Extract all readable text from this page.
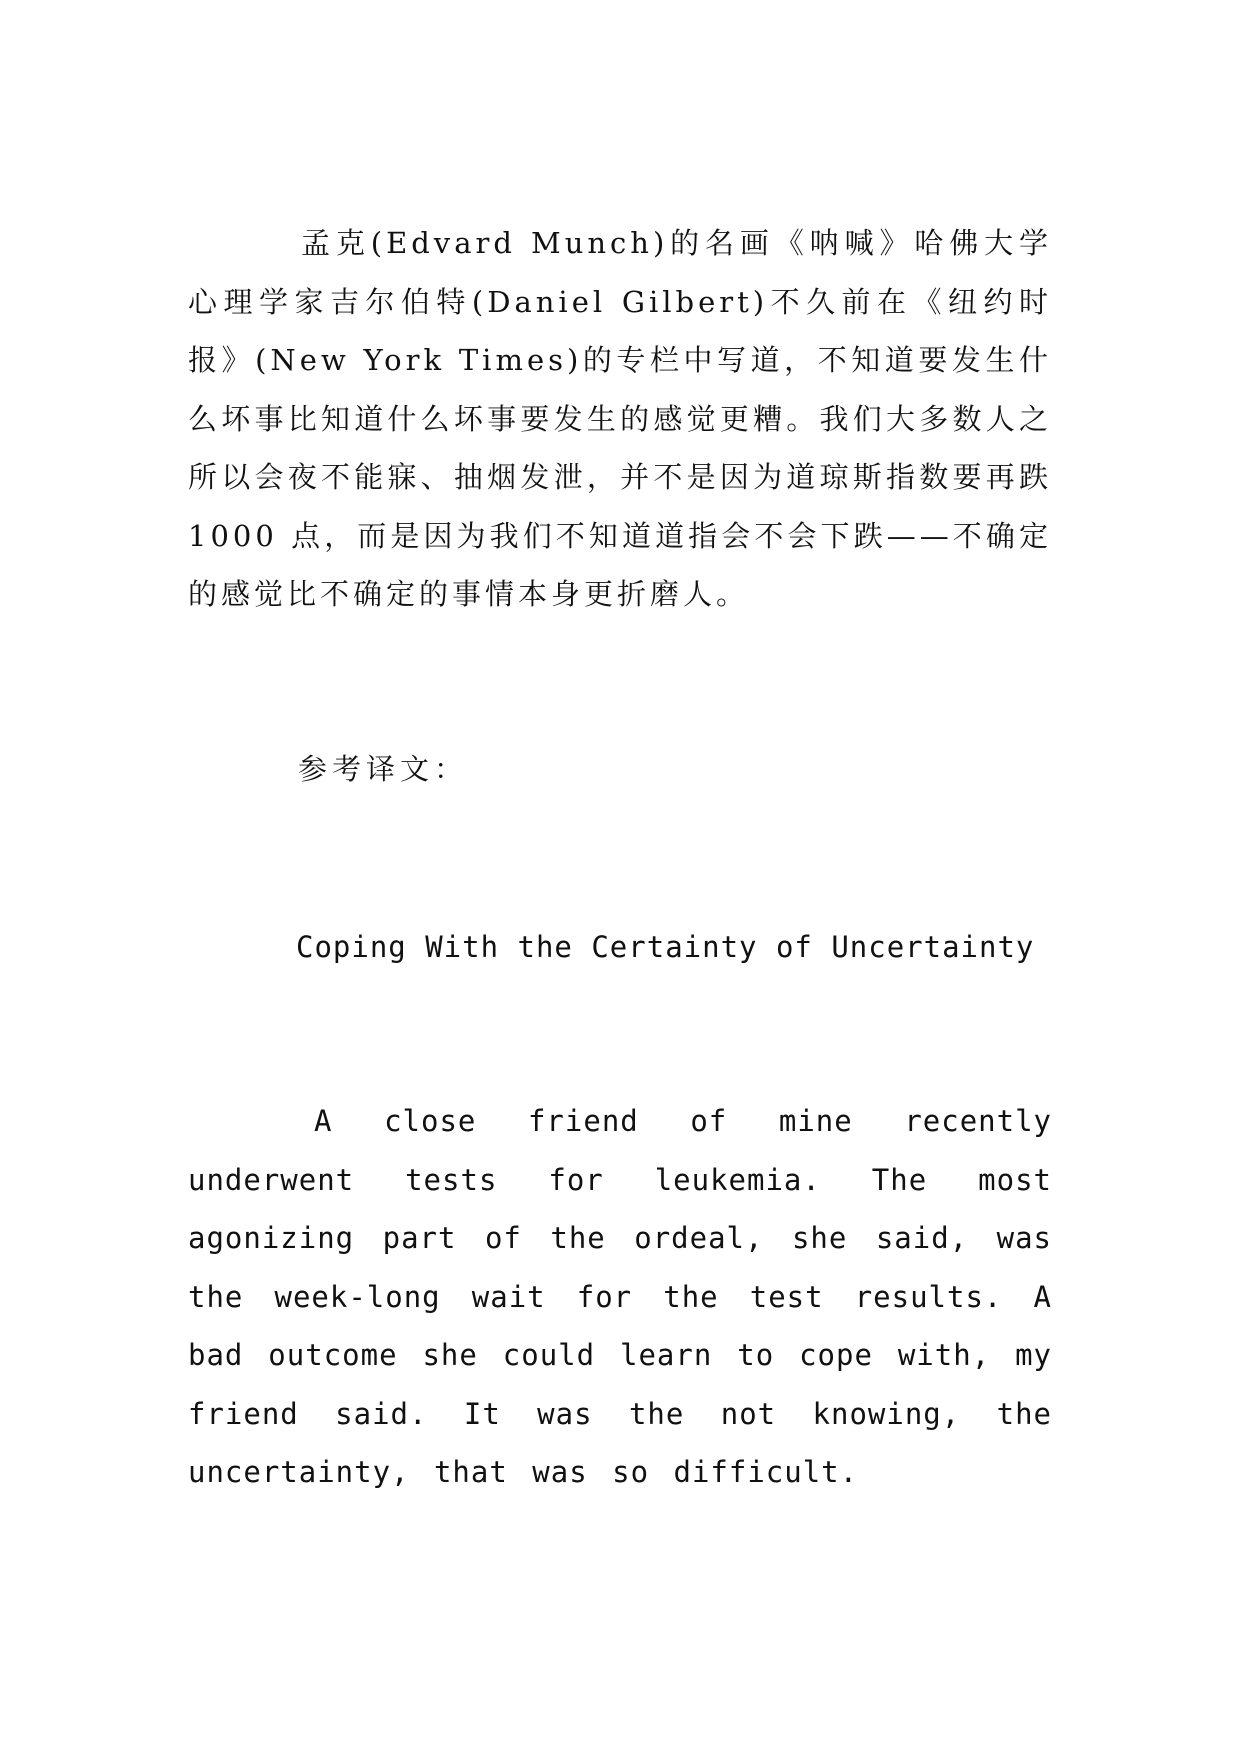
孟克(Edvard Munch)的名画《呐喊》哈佛大学心理学家吉尔伯特(Daniel Gilbert)不久前在《纽约时报》(New York Times)的专栏中写道，不知道要发生什么坏事比知道什么坏事要发生的感觉更糟。我们大多数人之所以会夜不能寐、抽烟发泄，并不是因为道琼斯指数要再跌1000 点，而是因为我们不知道道指会不会下跌——不确定的感觉比不确定的事情本身更折磨人。
参考译文：
Coping With the Certainty of Uncertainty
A close friend of mine recently underwent tests for leukemia. The most agonizing part of the ordeal, she said, was the week-long wait for the test results. A bad outcome she could learn to cope with, my friend said. It was the not knowing, the uncertainty, that was so difficult.
